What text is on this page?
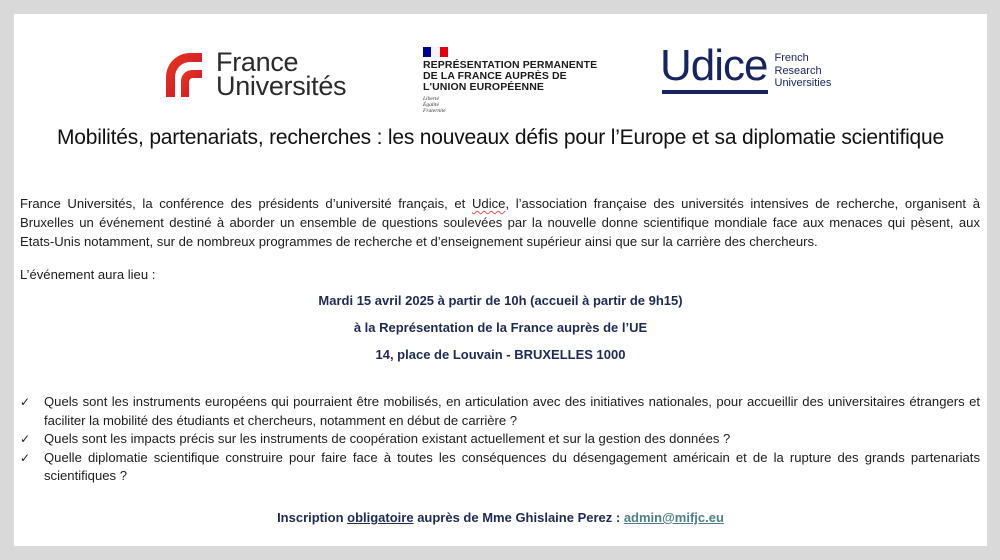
France
Universités
REPRÉSENTATION PERMANENTE
DE LA FRANCE AUPRÈS DE
L'UNION EUROPÉENNE
Liberté
Égalité
Fraternité
Udice French
Research
Universities
Mobilités, partenariats, recherches : les nouveaux défis pour l’Europe et sa diplomatie scientifique
France Universités, la conférence des présidents d’université français, et Udice, l’association française des universités intensives de recherche, organisent à Bruxelles un événement destiné à aborder un ensemble de questions soulevées par la nouvelle donne scientifique mondiale face aux menaces qui pèsent, aux Etats-Unis notamment, sur de nombreux programmes de recherche et d’enseignement supérieur ainsi que sur la carrière des chercheurs.
L’événement aura lieu :
Mardi 15 avril 2025 à partir de 10h (accueil à partir de 9h15)
à la Représentation de la France auprès de l’UE
14, place de Louvain - BRUXELLES 1000
✓	Quels sont les instruments européens qui pourraient être mobilisés, en articulation avec des initiatives nationales, pour accueillir des universitaires étrangers et faciliter la mobilité des étudiants et chercheurs, notamment en début de carrière ?
✓	Quels sont les impacts précis sur les instruments de coopération existant actuellement et sur la gestion des données ?
✓	Quelle diplomatie scientifique construire pour faire face à toutes les conséquences du désengagement américain et de la rupture des grands partenariats scientifiques ?
Inscription obligatoire auprès de Mme Ghislaine Perez : admin@mifjc.eu
